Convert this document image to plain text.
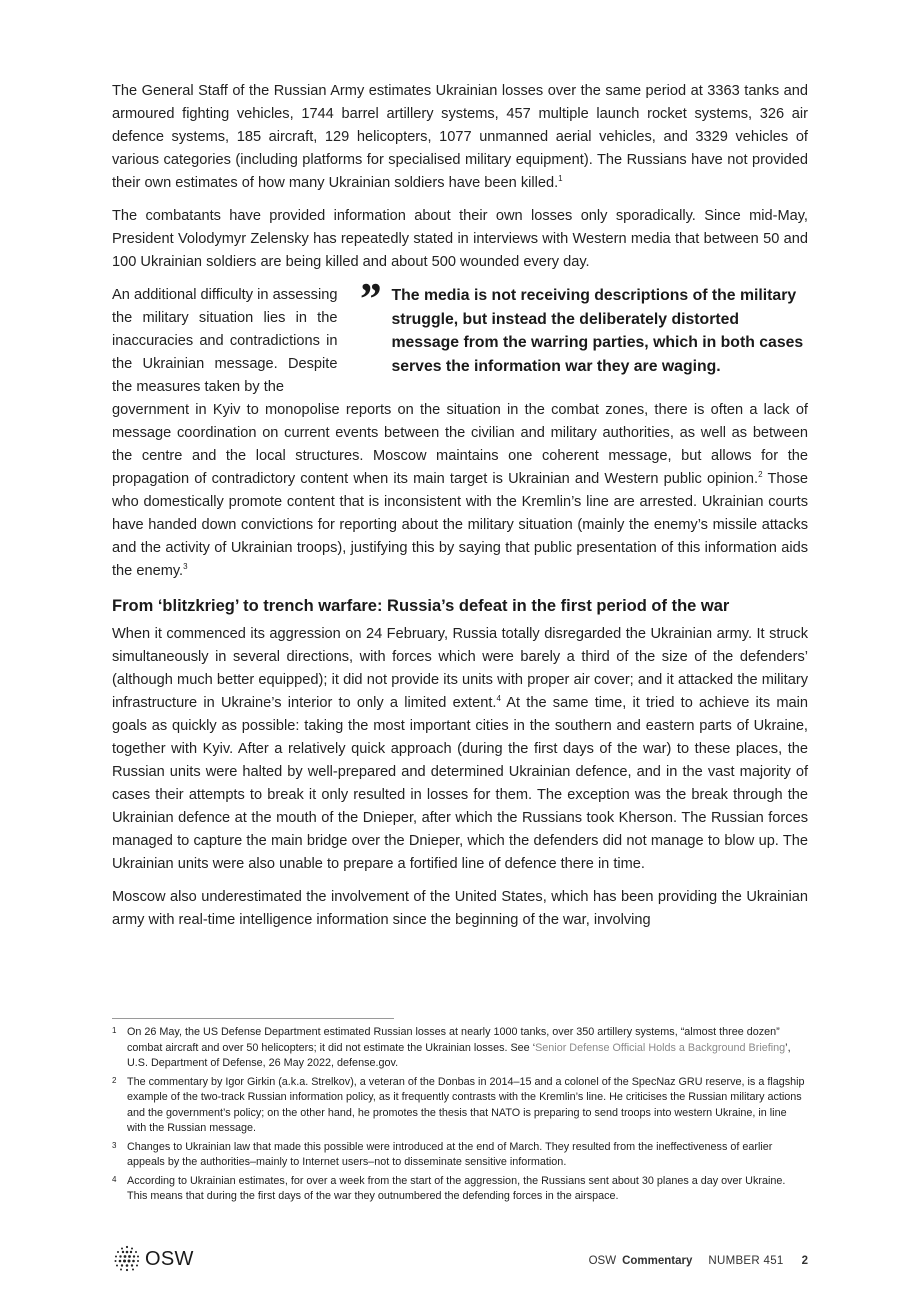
The General Staff of the Russian Army estimates Ukrainian losses over the same period at 3363 tanks and armoured fighting vehicles, 1744 barrel artillery systems, 457 multiple launch rocket systems, 326 air defence systems, 185 aircraft, 129 helicopters, 1077 unmanned aerial vehicles, and 3329 vehicles of various categories (including platforms for specialised military equipment). The Russians have not provided their own estimates of how many Ukrainian soldiers have been killed.$^1$

The combatants have provided information about their own losses only sporadically. Since mid-May, President Volodymyr Zelensky has repeatedly stated in interviews with Western media that between 50 and 100 Ukrainian soldiers are being killed and about 500 wounded every day.

An additional difficulty in assessing the military situation lies in the inaccuracies and contradictions in the Ukrainian message. Despite the measures taken by the

” The media is not receiving descriptions of the military struggle, but instead the deliberately distorted message from the warring parties, which in both cases serves the information war they are waging.

government in Kyiv to monopolise reports on the situation in the combat zones, there is often a lack of message coordination on current events between the civilian and military authorities, as well as between the centre and the local structures. Moscow maintains one coherent message, but allows for the propagation of contradictory content when its main target is Ukrainian and Western public opinion.$^2$ Those who domestically promote content that is inconsistent with the Kremlin’s line are arrested. Ukrainian courts have handed down convictions for reporting about the military situation (mainly the enemy’s missile attacks and the activity of Ukrainian troops), justifying this by saying that public presentation of this information aids the enemy.$^3$

From ‘blitzkrieg’ to trench warfare: Russia’s defeat in the first period of the war

When it commenced its aggression on 24 February, Russia totally disregarded the Ukrainian army. It struck simultaneously in several directions, with forces which were barely a third of the size of the defenders’ (although much better equipped); it did not provide its units with proper air cover; and it attacked the military infrastructure in Ukraine’s interior to only a limited extent.$^4$ At the same time, it tried to achieve its main goals as quickly as possible: taking the most important cities in the southern and eastern parts of Ukraine, together with Kyiv. After a relatively quick approach (during the first days of the war) to these places, the Russian units were halted by well-prepared and determined Ukrainian defence, and in the vast majority of cases their attempts to break it only resulted in losses for them. The exception was the break through the Ukrainian defence at the mouth of the Dnieper, after which the Russians took Kherson. The Russian forces managed to capture the main bridge over the Dnieper, which the defenders did not manage to blow up. The Ukrainian units were also unable to prepare a fortified line of defence there in time.

Moscow also underestimated the involvement of the United States, which has been providing the Ukrainian army with real-time intelligence information since the beginning of the war, involving

1 On 26 May, the US Defense Department estimated Russian losses at nearly 1000 tanks, over 350 artillery systems, “almost three dozen” combat aircraft and over 50 helicopters; it did not estimate the Ukrainian losses. See ‘Senior Defense Official Holds a Background Briefing’, U.S. Department of Defense, 26 May 2022, defense.gov.
2 The commentary by Igor Girkin (a.k.a. Strelkov), a veteran of the Donbas in 2014–15 and a colonel of the SpecNaz GRU reserve, is a flagship example of the two-track Russian information policy, as it frequently contrasts with the Kremlin’s line. He criticises the Russian military actions and the government’s policy; on the other hand, he promotes the thesis that NATO is preparing to send troops into western Ukraine, in line with the Russian message.
3 Changes to Ukrainian law that made this possible were introduced at the end of March. They resulted from the ineffectiveness of earlier appeals by the authorities–mainly to Internet users–not to disseminate sensitive information.
4 According to Ukrainian estimates, for over a week from the start of the aggression, the Russians sent about 30 planes a day over Ukraine. This means that during the first days of the war they outnumbered the defending forces in the airspace.
OSW	OSW Commentary NUMBER 451 2
